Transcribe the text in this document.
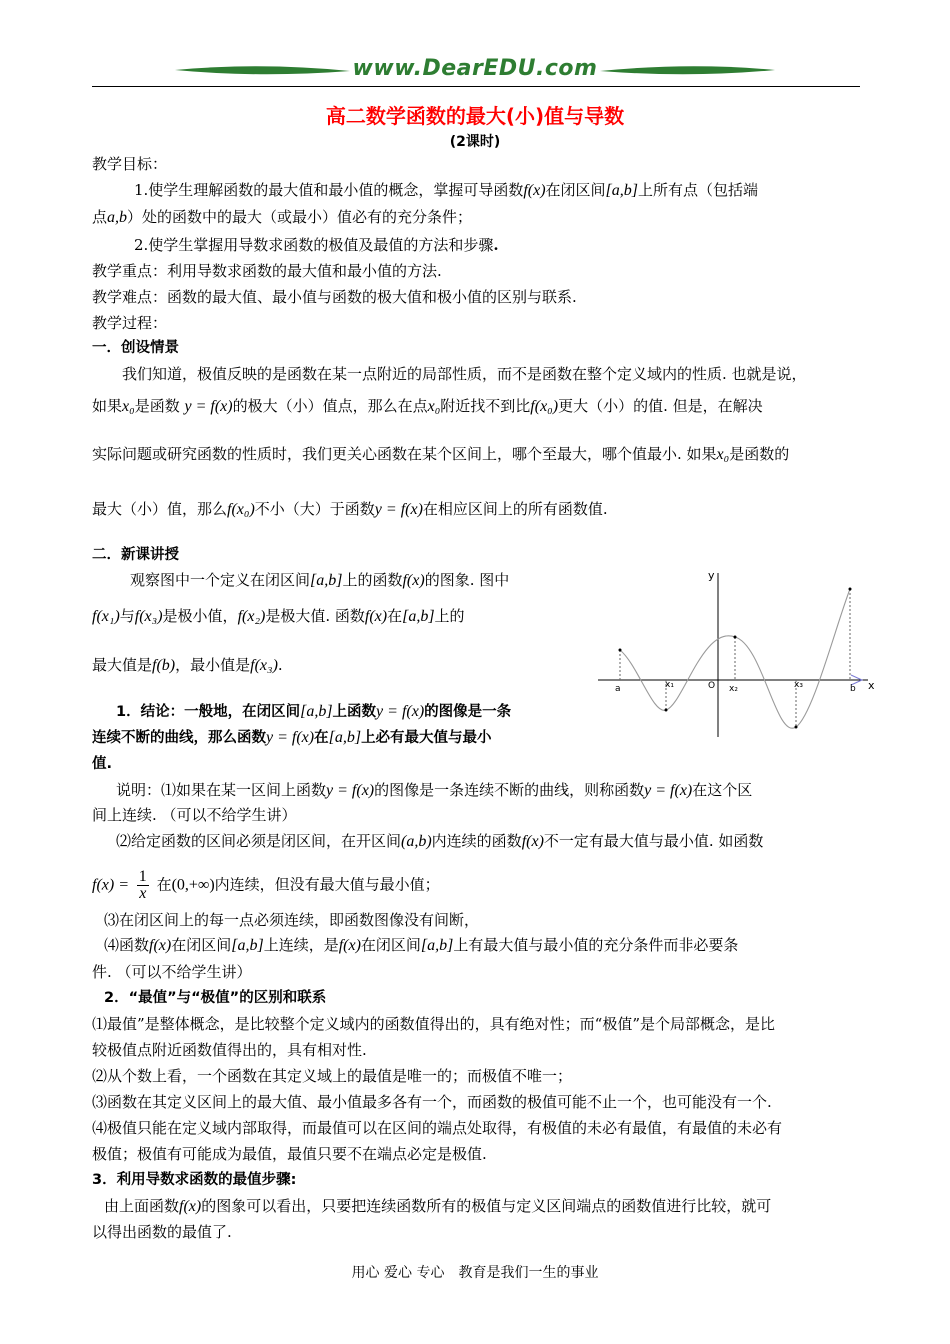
www.DearEDU.com
高二数学函数的最大(小)值与导数
(2课时)
教学目标：
1.使学生理解函数的最大值和最小值的概念，掌握可导函数f(x)在闭区间[a,b]上所有点（包括端
点a,b）处的函数中的最大（或最小）值必有的充分条件；
2.使学生掌握用导数求函数的极值及最值的方法和步骤.
教学重点：利用导数求函数的最大值和最小值的方法.
教学难点：函数的最大值、最小值与函数的极大值和极小值的区别与联系.
教学过程：
一．创设情景
我们知道，极值反映的是函数在某一点附近的局部性质，而不是函数在整个定义域内的性质. 也就是说，
如果x₀是函数 y = f(x)的极大（小）值点，那么在点x₀附近找不到比f(x₀)更大（小）的值. 但是，在解决
实际问题或研究函数的性质时，我们更关心函数在某个区间上，哪个至最大，哪个值最小. 如果x₀是函数的
最大（小）值，那么f(x₀)不小（大）于函数y = f(x)在相应区间上的所有函数值.
二．新课讲授
观察图中一个定义在闭区间[a,b]上的函数f(x)的图象. 图中
f(x₁)与f(x₃)是极小值，f(x₂)是极大值. 函数f(x)在[a,b]上的
最大值是f(b)，最小值是f(x₃).
1．结论：一般地，在闭区间[a,b]上函数y = f(x)的图像是一条
连续不断的曲线，那么函数y = f(x)在[a,b]上必有最大值与最小
值.
y
x
a	x₁	O x₂	x₃	b
说明：⑴如果在某一区间上函数y = f(x)的图像是一条连续不断的曲线，则称函数y = f(x)在这个区
间上连续. （可以不给学生讲）
⑵给定函数的区间必须是闭区间，在开区间(a,b)内连续的函数f(x)不一定有最大值与最小值. 如函数
$f(x) = \frac{1}{x}$ 在(0,+∞)内连续，但没有最大值与最小值；
⑶在闭区间上的每一点必须连续，即函数图像没有间断，
⑷函数f(x)在闭区间[a,b]上连续，是f(x)在闭区间[a,b]上有最大值与最小值的充分条件而非必要条
件. （可以不给学生讲）
2．“最值”与“极值”的区别和联系
⑴最值”是整体概念，是比较整个定义域内的函数值得出的，具有绝对性；而“极值”是个局部概念，是比
较极值点附近函数值得出的，具有相对性.
⑵从个数上看，一个函数在其定义域上的最值是唯一的；而极值不唯一；
⑶函数在其定义区间上的最大值、最小值最多各有一个，而函数的极值可能不止一个，也可能没有一个.
⑷极值只能在定义域内部取得，而最值可以在区间的端点处取得，有极值的未必有最值，有最值的未必有
极值；极值有可能成为最值，最值只要不在端点必定是极值.
3．利用导数求函数的最值步骤:
由上面函数f(x)的图象可以看出，只要把连续函数所有的极值与定义区间端点的函数值进行比较，就可
以得出函数的最值了.
用心 爱心 专心　教育是我们一生的事业
